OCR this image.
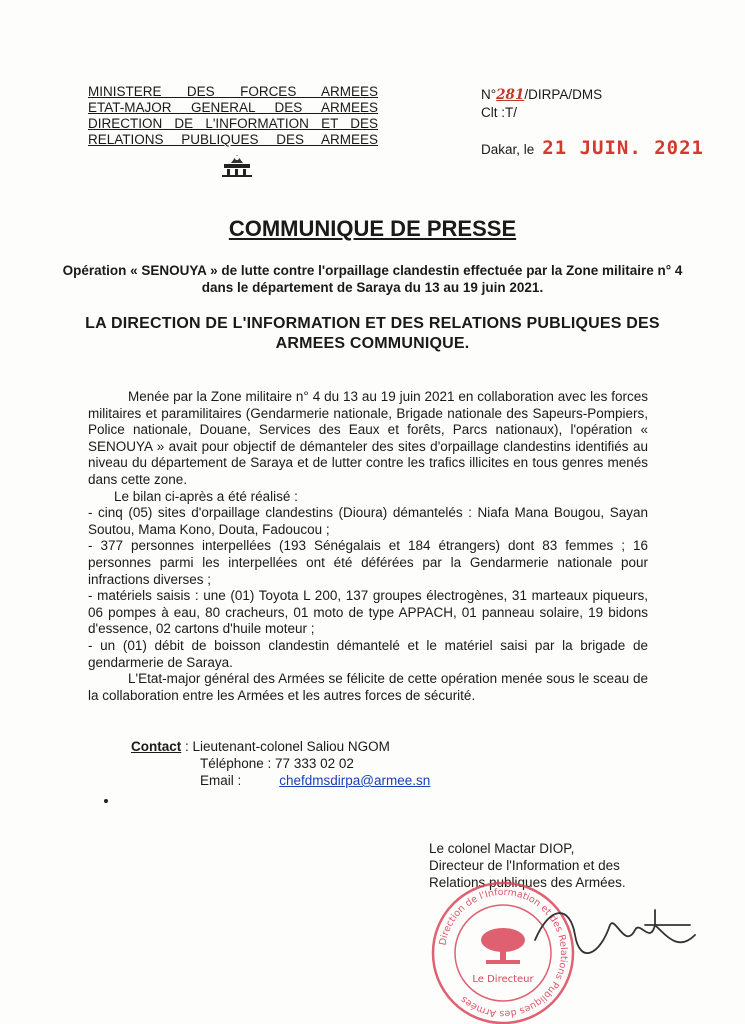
MINISTERE DES FORCES ARMEES
ETAT-MAJOR GENERAL DES ARMEES
DIRECTION DE L'INFORMATION ET DES
RELATIONS PUBLIQUES DES ARMEES
N°281/DIRPA/DMS
Clt :T/
Dakar, le 21 JUIN. 2021
COMMUNIQUE DE PRESSE
Opération « SENOUYA » de lutte contre l'orpaillage clandestin effectuée par la Zone militaire n° 4 dans le département de Saraya du 13 au 19 juin 2021.
LA DIRECTION DE L'INFORMATION ET DES RELATIONS PUBLIQUES DES ARMEES COMMUNIQUE.

Menée par la Zone militaire n° 4 du 13 au 19 juin 2021 en collaboration avec les forces militaires et paramilitaires (Gendarmerie nationale, Brigade nationale des Sapeurs-Pompiers, Police nationale, Douane, Services des Eaux et forêts, Parcs nationaux), l'opération « SENOUYA » avait pour objectif de démanteler des sites d'orpaillage clandestins identifiés au niveau du département de Saraya et de lutter contre les trafics illicites en tous genres menés dans cette zone.

Le bilan ci-après a été réalisé :

- cinq (05) sites d'orpaillage clandestins (Dioura) démantelés : Niafa Mana Bougou, Sayan Soutou, Mama Kono, Douta, Fadoucou ;

- 377 personnes interpellées (193 Sénégalais et 184 étrangers) dont 83 femmes ; 16 personnes parmi les interpellées ont été déférées par la Gendarmerie nationale pour infractions diverses ;

- matériels saisis : une (01) Toyota L 200, 137 groupes électrogènes, 31 marteaux piqueurs, 06 pompes à eau, 80 cracheurs, 01 moto de type APPACH, 01 panneau solaire, 19 bidons d'essence, 02 cartons d'huile moteur ;

- un (01) débit de boisson clandestin démantelé et le matériel saisi par la brigade de gendarmerie de Saraya.

L'Etat-major général des Armées se félicite de cette opération menée sous le sceau de la collaboration entre les Armées et les autres forces de sécurité.

Contact : Lieutenant-colonel Saliou NGOM
Téléphone : 77 333 02 02
Email :	chefdmsdirpa@armee.sn
Le colonel Mactar DIOP,
Directeur de l'Information et des
Relations publiques des Armées.
Direction de l'Information et des Relations Publiques des Armées
Le Directeur
